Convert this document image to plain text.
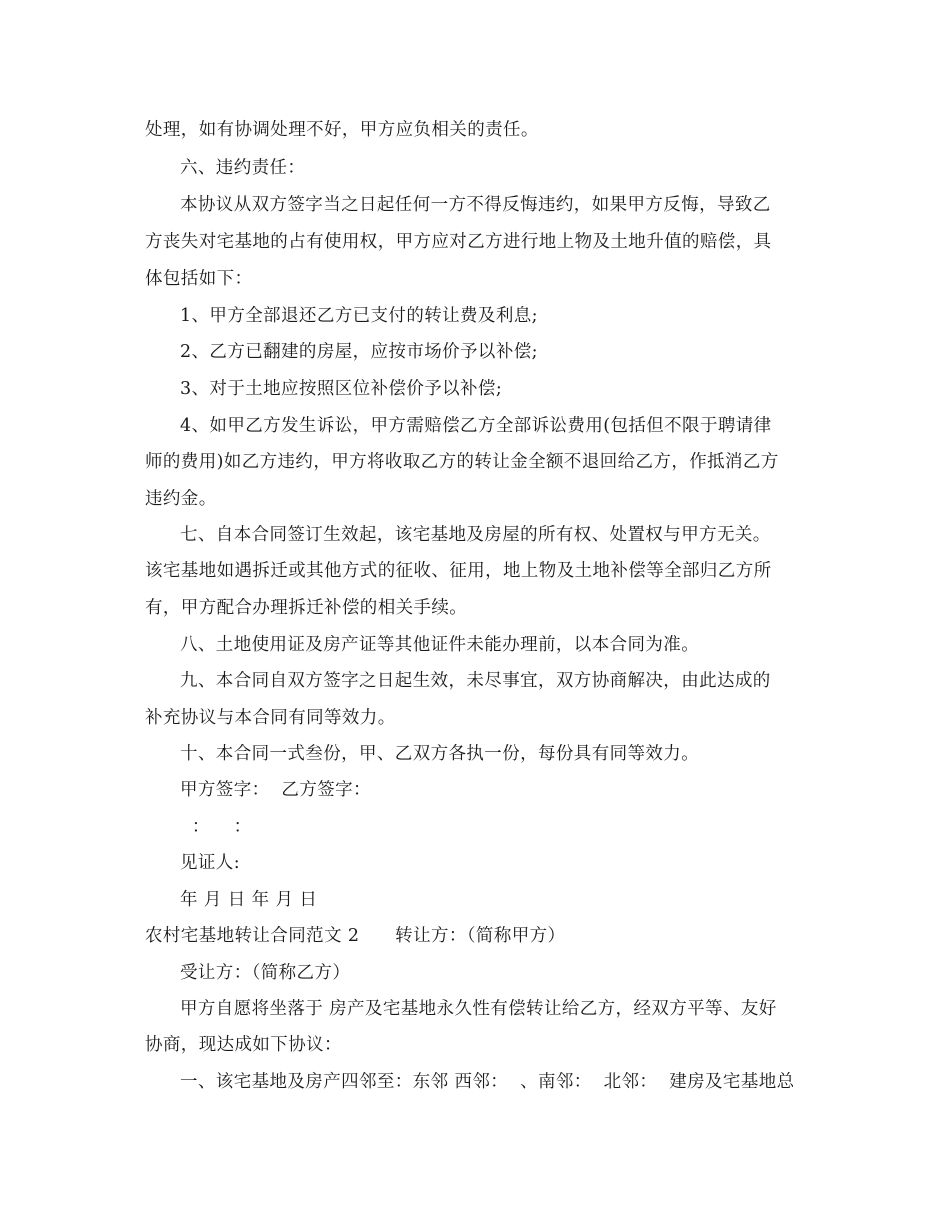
处理，如有协调处理不好，甲方应负相关的责任。
六、违约责任：
本协议从双方签字当之日起任何一方不得反悔违约，如果甲方反悔，导致乙
方丧失对宅基地的占有使用权，甲方应对乙方进行地上物及土地升值的赔偿，具
体包括如下：
1、甲方全部退还乙方已支付的转让费及利息;
2、乙方已翻建的房屋，应按市场价予以补偿;
3、对于土地应按照区位补偿价予以补偿;
4、如甲乙方发生诉讼，甲方需赔偿乙方全部诉讼费用(包括但不限于聘请律
师的费用)如乙方违约，甲方将收取乙方的转让金全额不退回给乙方，作抵消乙方
违约金。
七、自本合同签订生效起，该宅基地及房屋的所有权、处置权与甲方无关。
该宅基地如遇拆迁或其他方式的征收、征用，地上物及土地补偿等全部归乙方所
有，甲方配合办理拆迁补偿的相关手续。
八、土地使用证及房产证等其他证件未能办理前，以本合同为准。
九、本合同自双方签字之日起生效，未尽事宜，双方协商解决，由此达成的
补充协议与本合同有同等效力。
十、本合同一式叁份，甲、乙双方各执一份，每份具有同等效力。
甲方签字：  乙方签字：
：    ：
见证人:
年 月 日 年 月 日
农村宅基地转让合同范文 2      转让方：（简称甲方）
受让方：（简称乙方）
甲方自愿将坐落于 房产及宅基地永久性有偿转让给乙方，经双方平等、友好
协商，现达成如下协议：
一、该宅基地及房产四邻至：东邻 西邻：  、南邻：  北邻：  建房及宅基地总
